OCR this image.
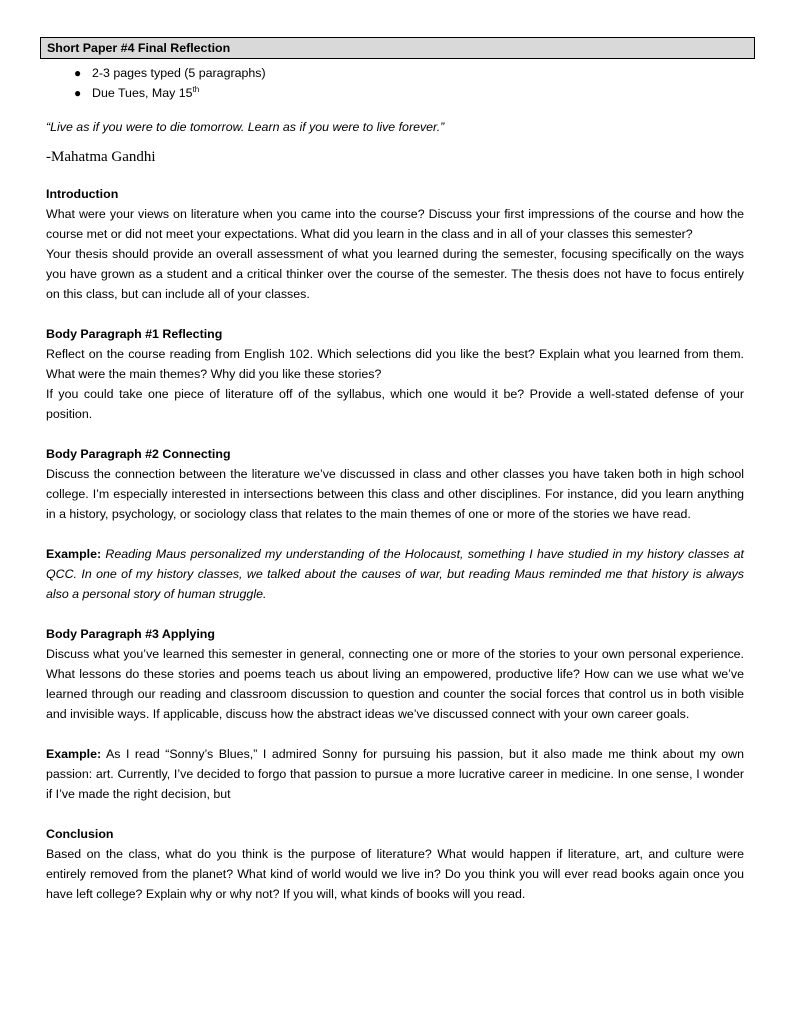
Short Paper #4 Final Reflection
● 2-3 pages typed (5 paragraphs)
● Due Tues, May 15th
“Live as if you were to die tomorrow. Learn as if you were to live forever.”
-Mahatma Gandhi
Introduction

What were your views on literature when you came into the course? Discuss your first impressions of the course and how the course met or did not meet your expectations. What did you learn in the class and in all of your classes this semester?

Your thesis should provide an overall assessment of what you learned during the semester, focusing specifically on the ways you have grown as a student and a critical thinker over the course of the semester. The thesis does not have to focus entirely on this class, but can include all of your classes.

Body Paragraph #1 Reflecting

Reflect on the course reading from English 102. Which selections did you like the best? Explain what you learned from them. What were the main themes? Why did you like these stories?

If you could take one piece of literature off of the syllabus, which one would it be? Provide a well-stated defense of your position.

Body Paragraph #2 Connecting

Discuss the connection between the literature we’ve discussed in class and other classes you have taken both in high school college. I’m especially interested in intersections between this class and other disciplines. For instance, did you learn anything in a history, psychology, or sociology class that relates to the main themes of one or more of the stories we have read.

Example: Reading Maus personalized my understanding of the Holocaust, something I have studied in my history classes at QCC. In one of my history classes, we talked about the causes of war, but reading Maus reminded me that history is always also a personal story of human struggle.

Body Paragraph #3 Applying

Discuss what you’ve learned this semester in general, connecting one or more of the stories to your own personal experience. What lessons do these stories and poems teach us about living an empowered, productive life? How can we use what we’ve learned through our reading and classroom discussion to question and counter the social forces that control us in both visible and invisible ways. If applicable, discuss how the abstract ideas we’ve discussed connect with your own career goals.

Example: As I read “Sonny’s Blues,” I admired Sonny for pursuing his passion, but it also made me think about my own passion: art. Currently, I’ve decided to forgo that passion to pursue a more lucrative career in medicine. In one sense, I wonder if I’ve made the right decision, but

Conclusion

Based on the class, what do you think is the purpose of literature? What would happen if literature, art, and culture were entirely removed from the planet? What kind of world would we live in? Do you think you will ever read books again once you have left college? Explain why or why not? If you will, what kinds of books will you read.
